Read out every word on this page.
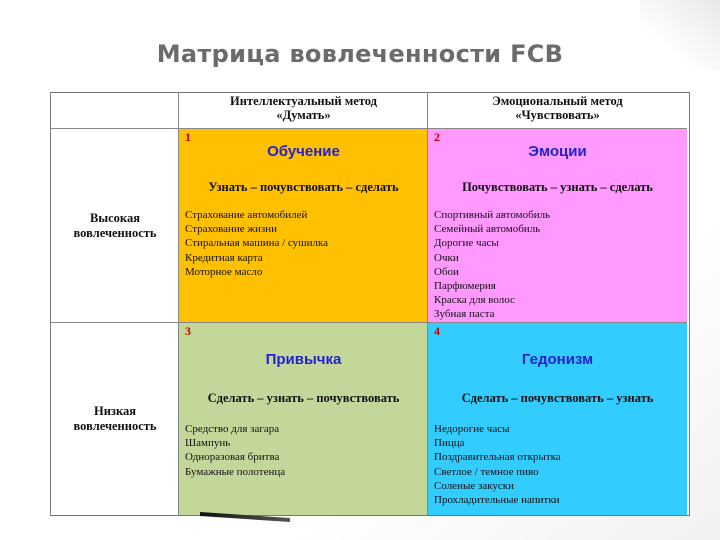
Матрица вовлеченности FCB
Интеллектуальный метод
«Думать»
Эмоциональный метод
«Чувствовать»
Высокая
вовлеченность
Низкая
вовлеченность
1
Обучение
Узнать – почувствовать – сделать
Страхование автомобилей
Страхование жизни
Стиральная машина / сушилка
Кредитная карта
Моторное масло
2
Эмоции
Почувствовать – узнать – сделать
Спортивный автомобиль
Семейный автомобиль
Дорогие часы
Очки
Обои
Парфюмерия
Краска для волос
Зубная паста
3
Привычка
Сделать – узнать – почувствовать
Средство для загара
Шампунь
Одноразовая бритва
Бумажные полотенца
4
Гедонизм
Сделать – почувствовать – узнать
Недорогие часы
Пицца
Поздравительная открытка
Светлое / темное пиво
Соленые закуски
Прохладительные напитки
